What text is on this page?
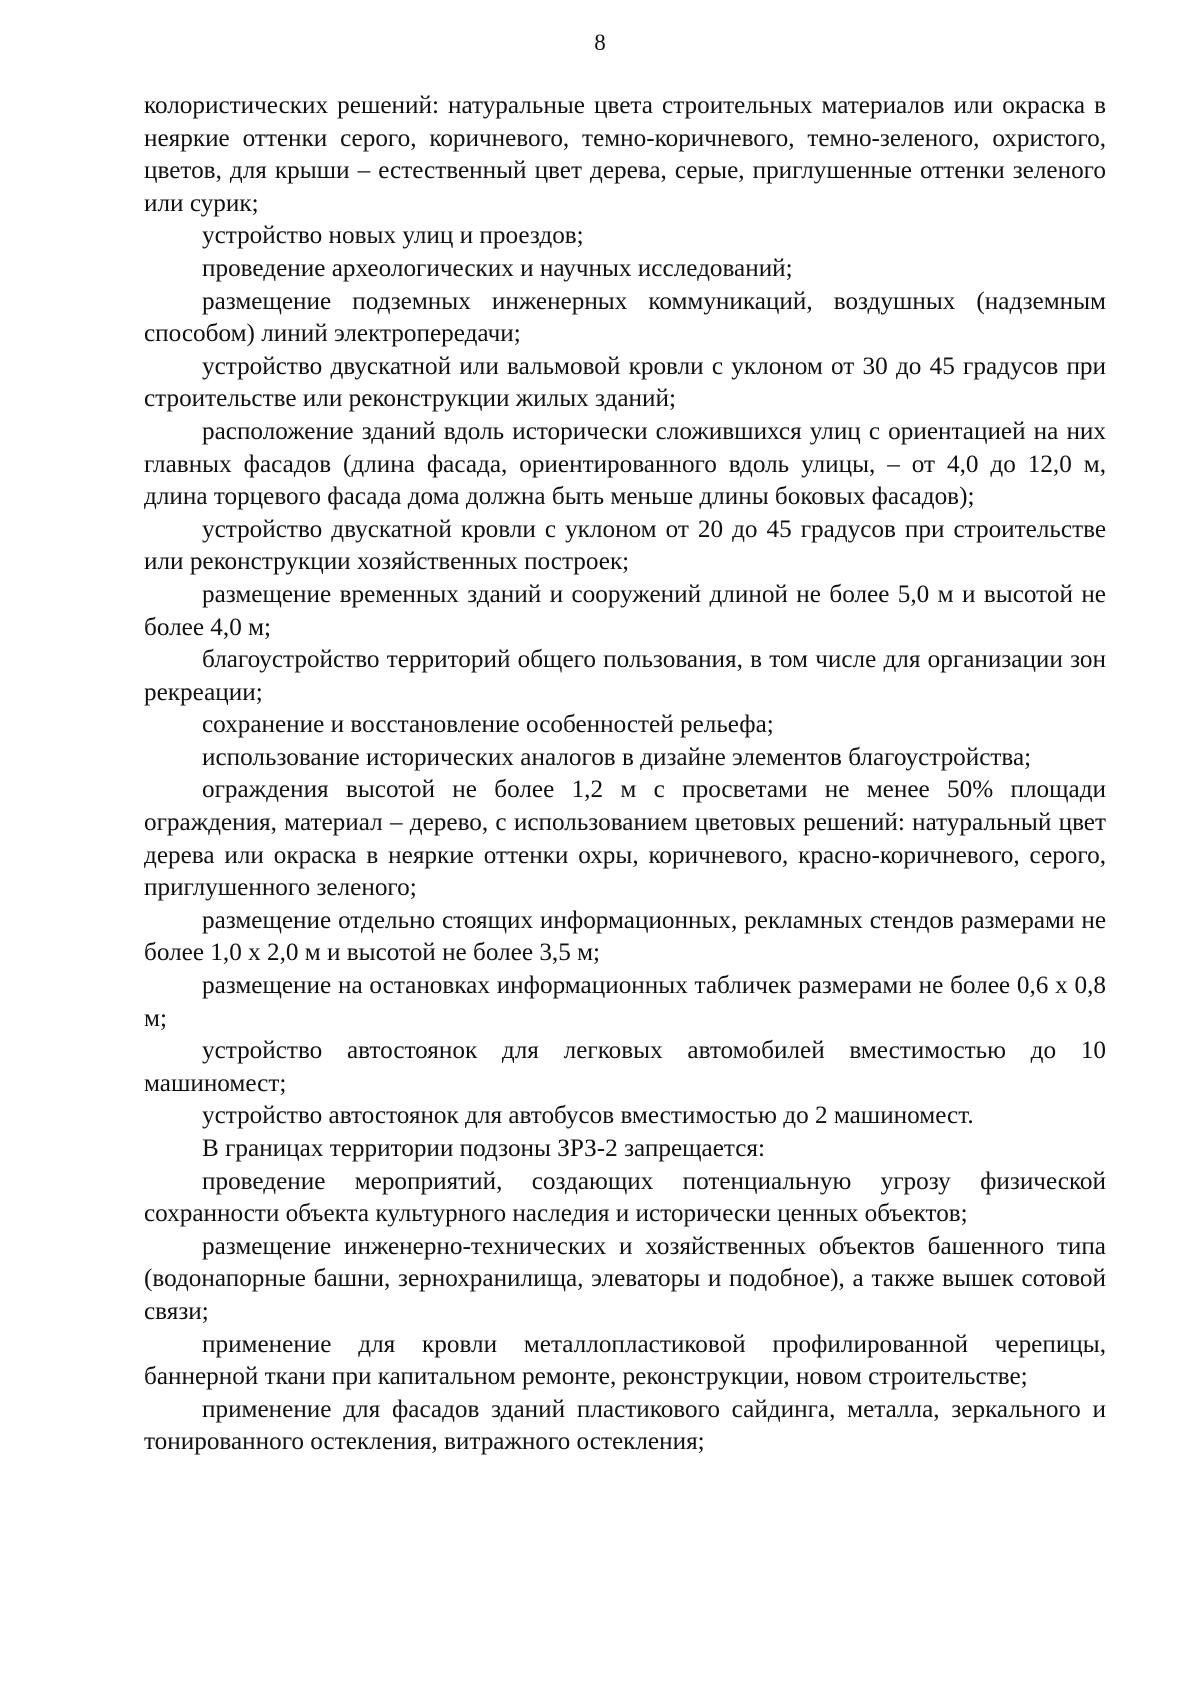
8

колористических решений: натуральные цвета строительных материалов или окраска в неяркие оттенки серого, коричневого, темно-коричневого, темно-зеленого, охристого, цветов, для крыши – естественный цвет дерева, серые, приглушенные оттенки зеленого или сурик;

устройство новых улиц и проездов;

проведение археологических и научных исследований;

размещение подземных инженерных коммуникаций, воздушных (надземным способом) линий электропередачи;

устройство двускатной или вальмовой кровли с уклоном от 30 до 45 градусов при строительстве или реконструкции жилых зданий;

расположение зданий вдоль исторически сложившихся улиц с ориентацией на них главных фасадов (длина фасада, ориентированного вдоль улицы, – от 4,0 до 12,0 м, длина торцевого фасада дома должна быть меньше длины боковых фасадов);

устройство двускатной кровли с уклоном от 20 до 45 градусов при строительстве или реконструкции хозяйственных построек;

размещение временных зданий и сооружений длиной не более 5,0 м и высотой не более 4,0 м;

благоустройство территорий общего пользования, в том числе для организации зон рекреации;

сохранение и восстановление особенностей рельефа;

использование исторических аналогов в дизайне элементов благоустройства;

ограждения высотой не более 1,2 м с просветами не менее 50% площади ограждения, материал – дерево, с использованием цветовых решений: натуральный цвет дерева или окраска в неяркие оттенки охры, коричневого, красно-коричневого, серого, приглушенного зеленого;

размещение отдельно стоящих информационных, рекламных стендов размерами не более 1,0 х 2,0 м и высотой не более 3,5 м;

размещение на остановках информационных табличек размерами не более 0,6 х 0,8 м;

устройство автостоянок для легковых автомобилей вместимостью до 10 машиномест;

устройство автостоянок для автобусов вместимостью до 2 машиномест.

В границах территории подзоны ЗРЗ-2 запрещается:

проведение мероприятий, создающих потенциальную угрозу физической сохранности объекта культурного наследия и исторически ценных объектов;

размещение инженерно-технических и хозяйственных объектов башенного типа (водонапорные башни, зернохранилища, элеваторы и подобное), а также вышек сотовой связи;

применение для кровли металлопластиковой профилированной черепицы, баннерной ткани при капитальном ремонте, реконструкции, новом строительстве;

применение для фасадов зданий пластикового сайдинга, металла, зеркального и тонированного остекления, витражного остекления;
